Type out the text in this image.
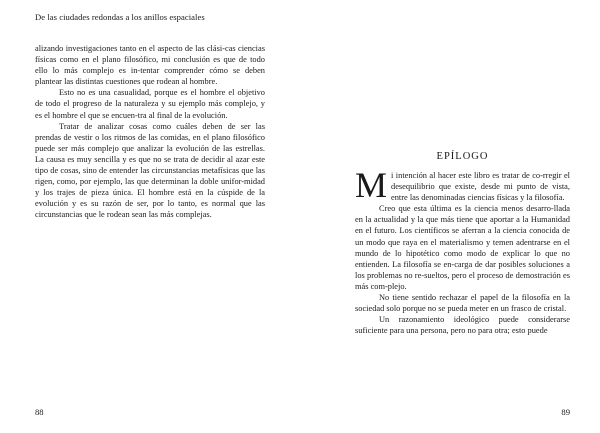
De las ciudades redondas a los anillos espaciales

alizando investigaciones tanto en el aspecto de las clási-cas ciencias físicas como en el plano filosófico, mi conclusión es que de todo ello lo más complejo es in-tentar comprender cómo se deben plantear las distintas cuestiones que rodean al hombre.

Esto no es una casualidad, porque es el hombre el objetivo de todo el progreso de la naturaleza y su ejemplo más complejo, y es el hombre el que se encuen-tra al final de la evolución.

Tratar de analizar cosas como cuáles deben de ser las prendas de vestir o los ritmos de las comidas, en el plano filosófico puede ser más complejo que analizar la evolución de las estrellas. La causa es muy sencilla y es que no se trata de decidir al azar este tipo de cosas, sino de entender las circunstancias metafísicas que las rigen, como, por ejemplo, las que determinan la doble unifor-midad y los trajes de pieza única. El hombre está en la cúspide de la evolución y es su razón de ser, por lo tanto, es normal que las circunstancias que le rodean sean las más complejas.

88
EPÍLOGO

Mi intención al hacer este libro es tratar de co-rregir el desequilibrio que existe, desde mi punto de vista, entre las denominadas ciencias físicas y la filosofía.

Creo que esta última es la ciencia menos desarro-llada en la actualidad y la que más tiene que aportar a la Humanidad en el futuro. Los científicos se aferran a la ciencia conocida de un modo que raya en el materialismo y temen adentrarse en el mundo de lo hipotético como modo de explicar lo que no entienden. La filosofía se en-carga de dar posibles soluciones a los problemas no re-sueltos, pero el proceso de demostración es más com-plejo.

No tiene sentido rechazar el papel de la filosofía en la sociedad solo porque no se pueda meter en un frasco de cristal.

Un razonamiento ideológico puede considerarse suficiente para una persona, pero no para otra; esto puede

89
